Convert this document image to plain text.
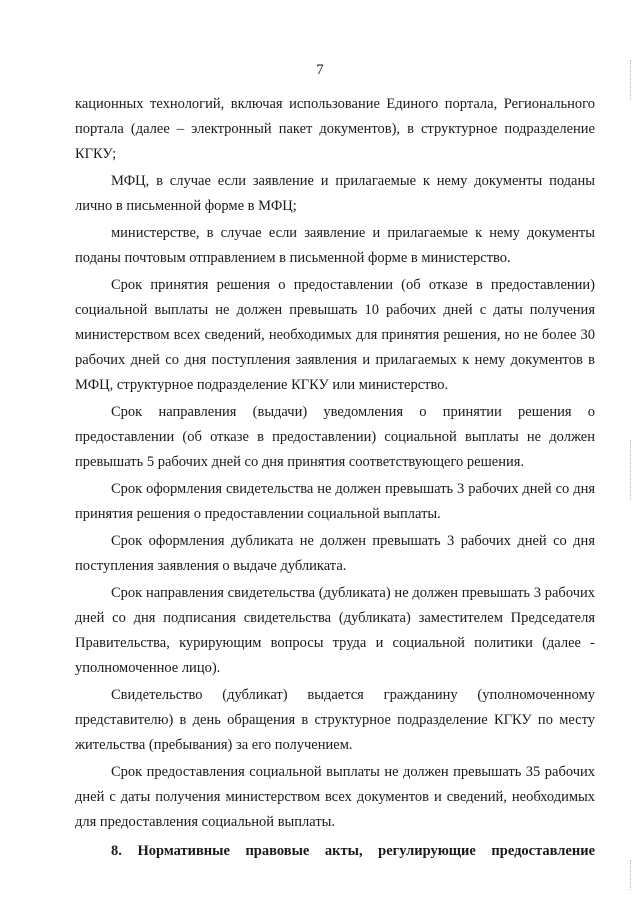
7

кационных технологий, включая использование Единого портала, Регионального портала (далее – электронный пакет документов), в структурное подразделение КГКУ;

МФЦ, в случае если заявление и прилагаемые к нему документы поданы лично в письменной форме в МФЦ;

министерстве, в случае если заявление и прилагаемые к нему документы поданы почтовым отправлением в письменной форме в министерство.

Срок принятия решения о предоставлении (об отказе в предоставлении) социальной выплаты не должен превышать 10 рабочих дней с даты получения министерством всех сведений, необходимых для принятия решения, но не более 30 рабочих дней со дня поступления заявления и прилагаемых к нему документов в МФЦ, структурное подразделение КГКУ или министерство.

Срок направления (выдачи) уведомления о принятии решения о предоставлении (об отказе в предоставлении) социальной выплаты не должен превышать 5 рабочих дней со дня принятия соответствующего решения.

Срок оформления свидетельства не должен превышать 3 рабочих дней со дня принятия решения о предоставлении социальной выплаты.

Срок оформления дубликата не должен превышать 3 рабочих дней со дня поступления заявления о выдаче дубликата.

Срок направления свидетельства (дубликата) не должен превышать 3 рабочих дней со дня подписания свидетельства (дубликата) заместителем Председателя Правительства, курирующим вопросы труда и социальной политики (далее - уполномоченное лицо).

Свидетельство (дубликат) выдается гражданину (уполномоченному представителю) в день обращения в структурное подразделение КГКУ по месту жительства (пребывания) за его получением.

Срок предоставления социальной выплаты не должен превышать 35 рабочих дней с даты получения министерством всех документов и сведений, необходимых для предоставления социальной выплаты.

8. Нормативные правовые акты, регулирующие предоставление
